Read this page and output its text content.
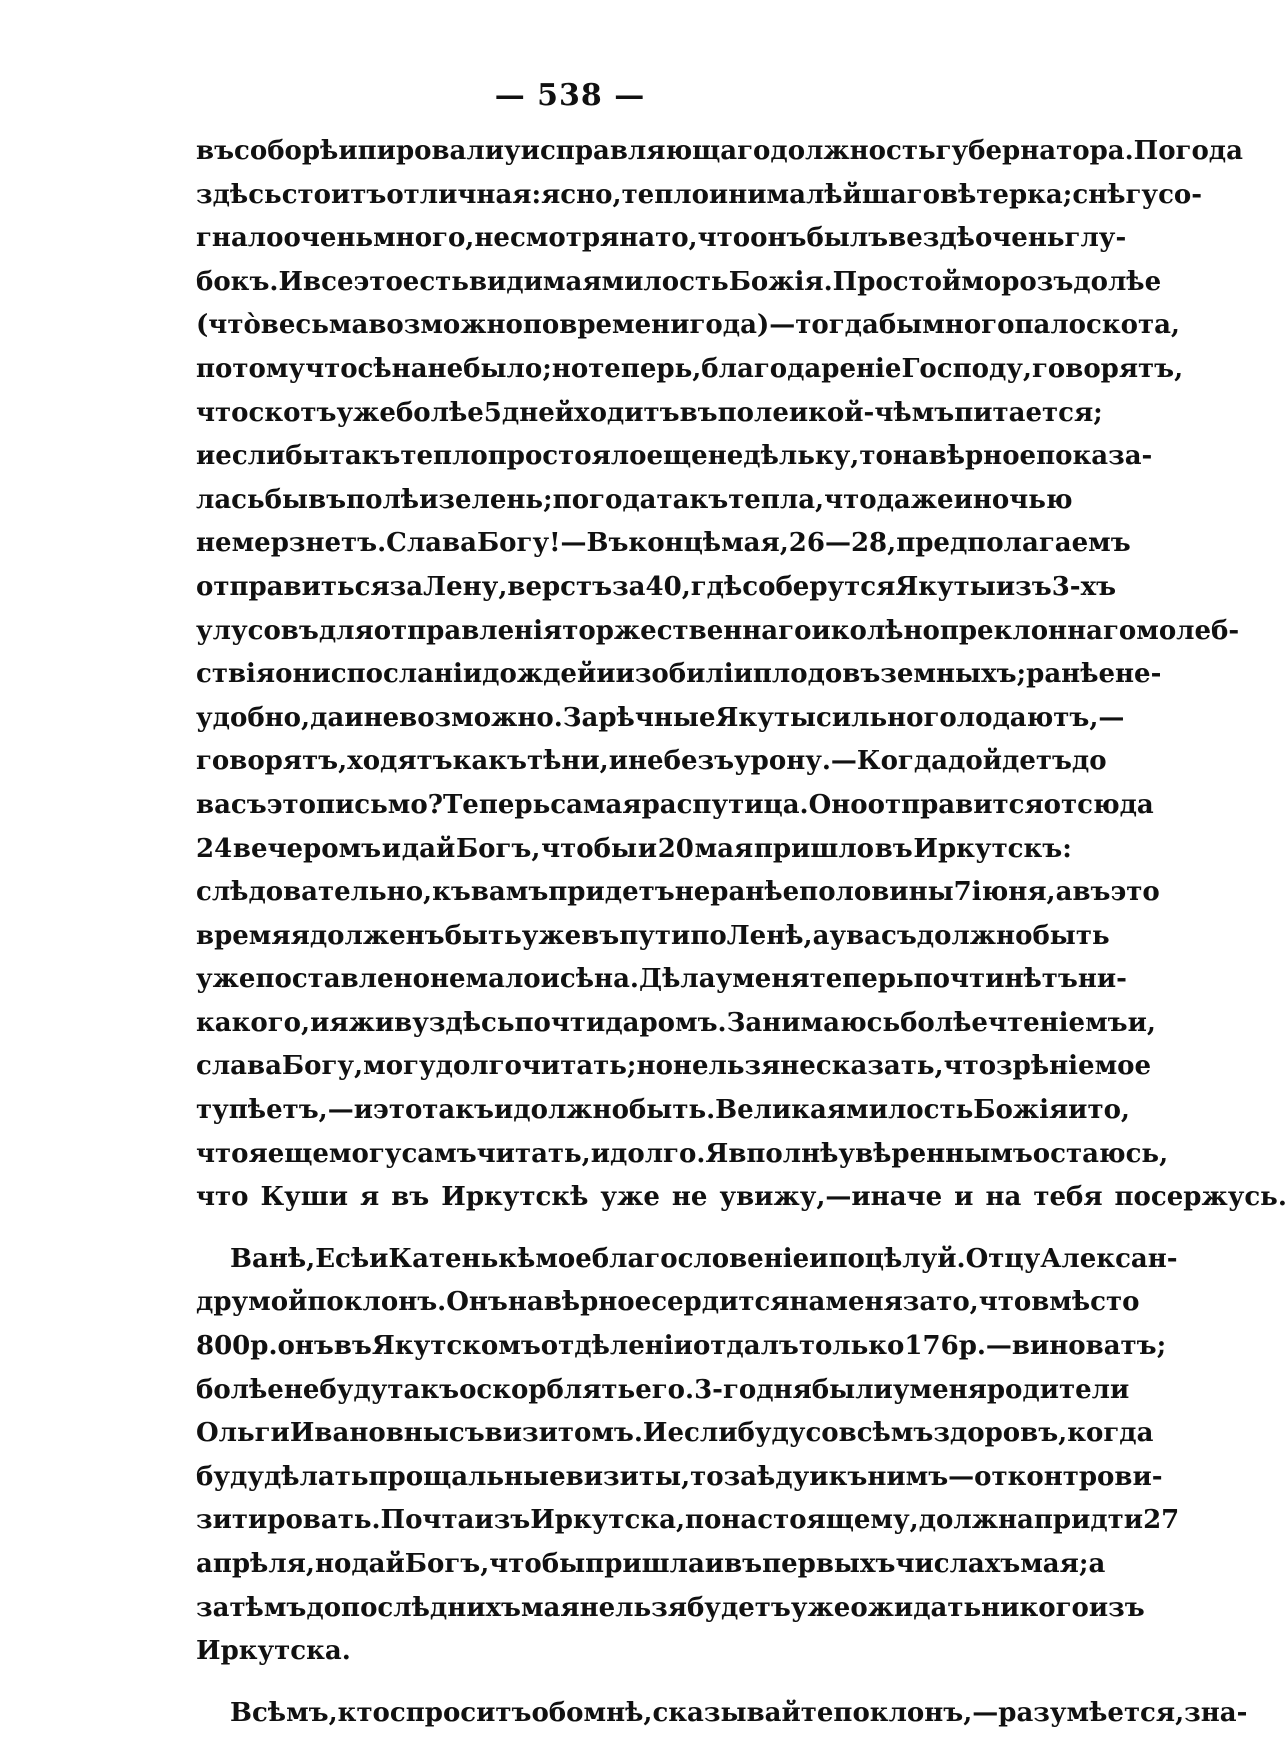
— 538 —
въ соборѣ и пировали у исправляющаго должность губернатора. Погода
здѣсь стоитъ отличная: ясно, тепло и ни малѣйшаго вѣтерка; снѣгу со-
гнало очень много, не смотря на то, что онъ былъ вездѣ очень глу-
бокъ. И все это есть видимая милость Божія. Простой морозъ долѣе
(чтò весьма возможно по времени года)—тогда бы много пало скота,
потому что сѣна не было; но теперь, благодареніе Господу, говорятъ,
что скотъ уже болѣе 5 дней ходитъ въ поле и кой-чѣмъ питается;
и если бы такъ тепло простояло еще недѣльку, то навѣрное показа-
лась бы въ полѣ и зелень; погода такъ тепла, что даже и ночью
не мерзнетъ. Слава Богу!—Въ концѣ мая, 26—28, предполагаемъ
отправиться за Лену, верстъ за 40, гдѣ соберутся Якуты изъ 3-хъ
улусовъ для отправленія торжественнаго и колѣнопреклоннаго молеб-
ствія о ниспосланіи дождей и изобиліи плодовъ земныхъ; ранѣе не-
удобно, да и невозможно. Зарѣчные Якуты сильно голодаютъ,—
говорятъ, ходятъ какъ тѣни, и не безъ урону.—Когда дойдетъ до
васъ это письмо? Теперь самая распутица. Оно отправится отсюда
24 вечеромъ и дай Богъ, чтобы и 20 мая пришло въ Иркутскъ:
слѣдовательно, къ вамъ придетъ не ранѣе половины 7 іюня, а въ это
время я долженъ быть уже въ пути по Ленѣ, а у васъ должно быть
уже поставлено не мало и сѣна. Дѣла у меня теперь почти нѣтъ ни-
какого, и я живу здѣсь почти даромъ. Занимаюсь болѣе чтеніемъ и,
слава Богу, могу долго читать; но нельзя не сказать, что зрѣніе мое
тупѣетъ,—и это такъ и должно быть. Великая милость Божія и то,
что я еще могу самъ читать, и долго. Я вполнѣ увѣреннымъ остаюсь,
что Куши я въ Иркутскѣ уже не увижу,—иначе и на тебя посержусь.
Ванѣ, Есѣ и Катенькѣ мое благословеніе и поцѣлуй. Отцу Алексан-
дру мой поклонъ. Онъ навѣрное сердится на меня за то, что вмѣсто
800 р. онъ въ Якутскомъ отдѣленіи отдалъ только 176 р.—виноватъ;
болѣе не буду такъ оскорблять его. 3-го дня были у меня родители
Ольги Ивановны съ визитомъ. И если буду совсѣмъ здоровъ, когда
буду дѣлать прощальные визиты, то заѣду и къ нимъ—отконтрови-
зитировать. Почта изъ Иркутска, по настоящему, должна придти 27
апрѣля, но дай Богъ, чтобы пришла и въ первыхъ числахъ мая; а
затѣмъ до послѣднихъ мая нельзя будетъ уже ожидать никого изъ
Иркутска.
Всѣмъ, кто спроситъ обо мнѣ, сказывайте поклонъ,—разумѣется, зна-
